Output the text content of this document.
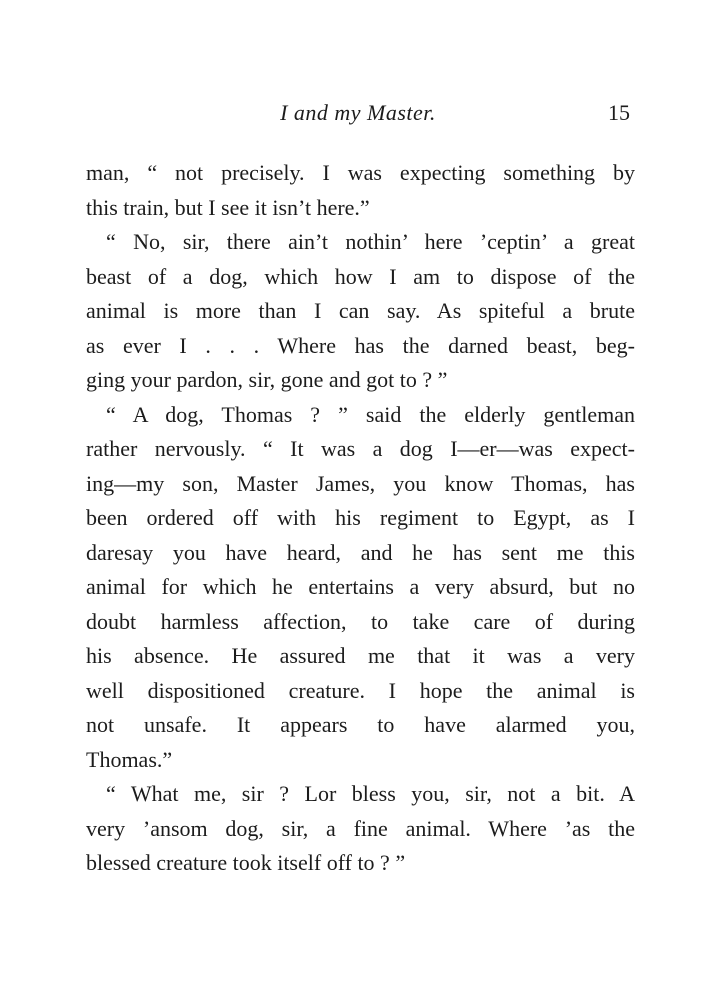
I and my Master.	15
man, “ not precisely. I was expecting something by
this train, but I see it isn’t here.”
“ No, sir, there ain’t nothin’ here ’ceptin’ a great
beast of a dog, which how I am to dispose of the
animal is more than I can say. As spiteful a brute
as ever I . . . Where has the darned beast, beg-
ging your pardon, sir, gone and got to ? ”
“ A dog, Thomas ? ” said the elderly gentleman
rather nervously. “ It was a dog I—er—was expect-
ing—my son, Master James, you know Thomas, has
been ordered off with his regiment to Egypt, as I
daresay you have heard, and he has sent me this
animal for which he entertains a very absurd, but no
doubt harmless affection, to take care of during
his absence. He assured me that it was a very
well dispositioned creature. I hope the animal is
not unsafe. It appears to have alarmed you,
Thomas.”
“ What me, sir ? Lor bless you, sir, not a bit. A
very ’ansom dog, sir, a fine animal. Where ’as the
blessed creature took itself off to ? ”
